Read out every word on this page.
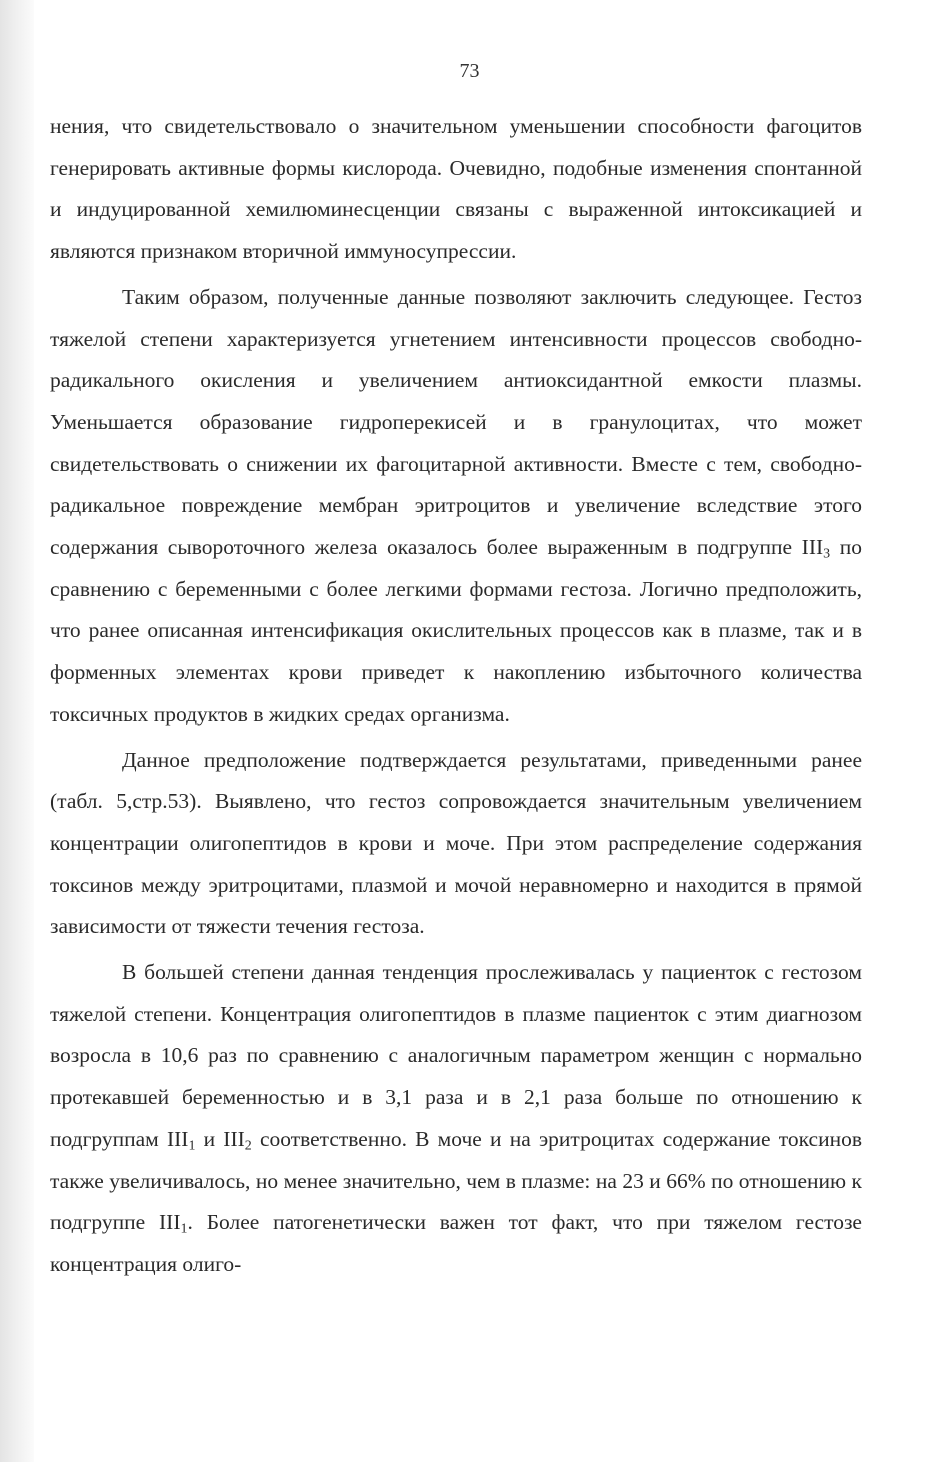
73

нения, что свидетельствовало о значительном уменьшении способности фагоцитов генерировать активные формы кислорода. Очевидно, подобные изменения спонтанной и индуцированной хемилюминесценции связаны с выраженной интоксикацией и являются признаком вторичной иммуносупрессии.

Таким образом, полученные данные позволяют заключить следующее. Гестоз тяжелой степени характеризуется угнетением интенсивности процессов свободно-радикального окисления и увеличением антиоксидантной емкости плазмы. Уменьшается образование гидроперекисей и в гранулоцитах, что может свидетельствовать о снижении их фагоцитарной активности. Вместе с тем, свободно-радикальное повреждение мембран эритроцитов и увеличение вследствие этого содержания сывороточного железа оказалось более выраженным в подгруппе $III_3$ по сравнению с беременными с более легкими формами гестоза. Логично предположить, что ранее описанная интенсификация окислительных процессов как в плазме, так и в форменных элементах крови приведет к накоплению избыточного количества токсичных продуктов в жидких средах организма.

Данное предположение подтверждается результатами, приведенными ранее (табл. 5,стр.53). Выявлено, что гестоз сопровождается значительным увеличением концентрации олигопептидов в крови и моче. При этом распределение содержания токсинов между эритроцитами, плазмой и мочой неравномерно и находится в прямой зависимости от тяжести течения гестоза.

В большей степени данная тенденция прослеживалась у пациенток с гестозом тяжелой степени. Концентрация олигопептидов в плазме пациенток с этим диагнозом возросла в 10,6 раз по сравнению с аналогичным параметром женщин с нормально протекавшей беременностью и в 3,1 раза и в 2,1 раза больше по отношению к подгруппам $III_1$ и $III_2$ соответственно. В моче и на эритроцитах содержание токсинов также увеличивалось, но менее значительно, чем в плазме: на 23 и 66% по отношению к подгруппе $III_1$. Более патогенетически важен тот факт, что при тяжелом гестозе концентрация олиго-
